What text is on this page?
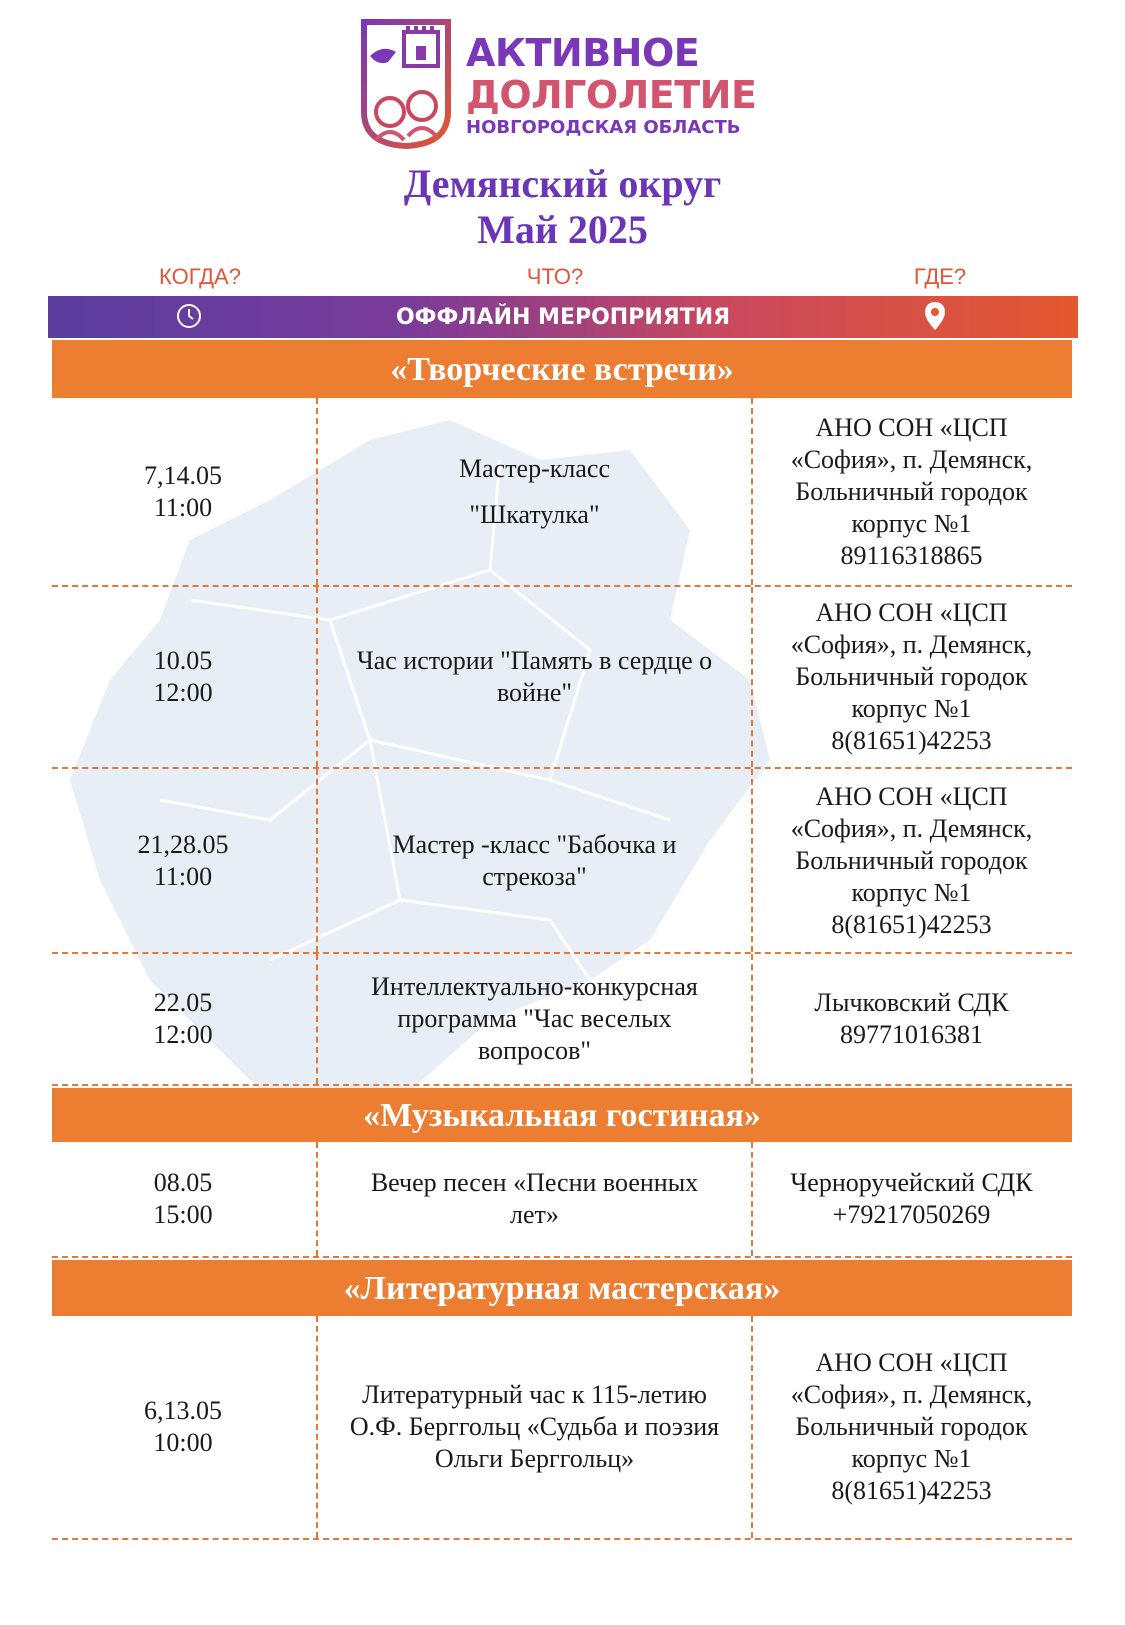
АКТИВНОЕ
ДОЛГОЛЕТИЕ
НОВГОРОДСКАЯ ОБЛАСТЬ
Демянский округ
Май 2025
КОГДА?	ЧТО?	ГДЕ?
ОФФЛАЙН МЕРОПРИЯТИЯ
«Творческие встречи»
7,14.05
11:00
Мастер-класс
"Шкатулка"
АНО СОН «ЦСП
«София», п. Демянск,
Больничный городок
корпус №1
89116318865
10.05
12:00
Час истории "Память в сердце о
войне"
АНО СОН «ЦСП
«София», п. Демянск,
Больничный городок
корпус №1
8(81651)42253
21,28.05
11:00
Мастер -класс "Бабочка и
стрекоза"
АНО СОН «ЦСП
«София», п. Демянск,
Больничный городок
корпус №1
8(81651)42253
22.05
12:00
Интеллектуально-конкурсная
программа "Час веселых
вопросов"
Лычковский СДК
89771016381
«Музыкальная гостиная»
08.05
15:00
Вечер песен «Песни военных
лет»
Черноручейский СДК
+79217050269
«Литературная мастерская»
6,13.05
10:00
Литературный час к 115-летию
О.Ф. Берггольц «Судьба и поэзия
Ольги Берггольц»
АНО СОН «ЦСП
«София», п. Демянск,
Больничный городок
корпус №1
8(81651)42253
